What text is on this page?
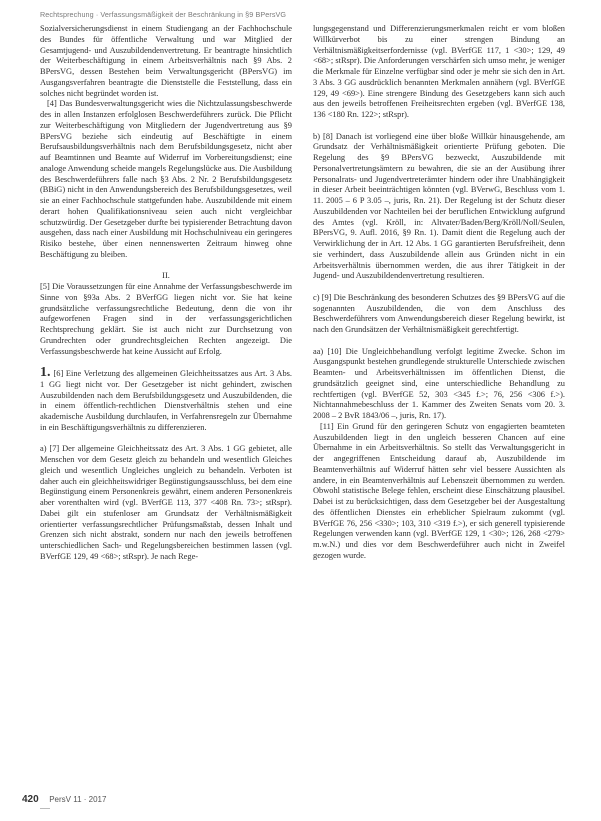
Rechtsprechung · Verfassungsmäßigkeit der Beschränkung in §9 BPersVG

Sozialversicherungsdienst in einem Studiengang an der Fachhochschule des Bundes für öffentliche Verwaltung und war Mitglied der Gesamtjugend- und Auszubildendenvertretung. Er beantragte hinsichtlich der Weiterbeschäftigung in einem Arbeitsverhältnis nach §9 Abs. 2 BPersVG, dessen Bestehen beim Verwaltungsgericht (BPersVG) im Ausgangsverfahren beantragte die Dienststelle die Feststellung, dass ein solches nicht begründet worden ist.

[4] Das Bundesverwaltungsgericht wies die Nichtzulassungsbeschwerde des in allen Instanzen erfolglosen Beschwerdeführers zurück. Die Pflicht zur Weiterbeschäftigung von Mitgliedern der Jugendvertretung aus §9 BPersVG beziehe sich eindeutig auf Beschäftigte in einem Berufsausbildungsverhältnis nach dem Berufsbildungsgesetz, nicht aber auf Beamtinnen und Beamte auf Widerruf im Vorbereitungsdienst; eine analoge Anwendung scheide mangels Regelungslücke aus. Die Ausbildung des Beschwerdeführers falle nach §3 Abs. 2 Nr. 2 Berufsbildungsgesetz (BBiG) nicht in den Anwendungsbereich des Berufsbildungsgesetzes, weil sie an einer Fachhochschule stattgefunden habe. Auszubildende mit einem derart hohen Qualifikationsniveau seien auch nicht vergleichbar schutzwürdig. Der Gesetzgeber durfte bei typisierender Betrachtung davon ausgehen, dass nach einer Ausbildung mit Hochschulniveau ein geringeres Risiko bestehe, über einen nennenswerten Zeitraum hinweg ohne Beschäftigung zu bleiben.

II.

[5] Die Voraussetzungen für eine Annahme der Verfassungsbeschwerde im Sinne von §93a Abs. 2 BVerfGG liegen nicht vor. Sie hat keine grundsätzliche verfassungsrechtliche Bedeutung, denn die von ihr aufgeworfenen Fragen sind in der verfassungsgerichtlichen Rechtsprechung geklärt. Sie ist auch nicht zur Durchsetzung von Grundrechten oder grundrechtsgleichen Rechten angezeigt. Die Verfassungsbeschwerde hat keine Aussicht auf Erfolg.

1. [6] Eine Verletzung des allgemeinen Gleichheitssatzes aus Art. 3 Abs. 1 GG liegt nicht vor. Der Gesetzgeber ist nicht gehindert, zwischen Auszubildenden nach dem Berufsbildungsgesetz und Auszubildenden, die in einem öffentlich-rechtlichen Dienstverhältnis stehen und eine akademische Ausbildung durchlaufen, in Verfahrensregeln zur Übernahme in ein Beschäftigungsverhältnis zu differenzieren.

a) [7] Der allgemeine Gleichheitssatz des Art. 3 Abs. 1 GG gebietet, alle Menschen vor dem Gesetz gleich zu behandeln und wesentlich Gleiches gleich und wesentlich Ungleiches ungleich zu behandeln. Verboten ist daher auch ein gleichheitswidriger Begünstigungsausschluss, bei dem eine Begünstigung einem Personenkreis gewährt, einem anderen Personenkreis aber vorenthalten wird (vgl. BVerfGE 113, 377 <408 Rn. 73>; stRspr). Dabei gilt ein stufenloser am Grundsatz der Verhältnismäßigkeit orientierter verfassungsrechtlicher Prüfungsmaßstab, dessen Inhalt und Grenzen sich nicht abstrakt, sondern nur nach den jeweils betroffenen unterschiedlichen Sach- und Regelungsbereichen bestimmen lassen (vgl. BVerfGE 129, 49 <68>; stRspr). Je nach Rege-

lungsgegenstand und Differenzierungsmerkmalen reicht er vom bloßen Willkürverbot bis zu einer strengen Bindung an Verhältnismäßigkeitserfordernisse (vgl. BVerfGE 117, 1 <30>; 129, 49 <68>; stRspr). Die Anforderungen verschärfen sich umso mehr, je weniger die Merkmale für Einzelne verfügbar sind oder je mehr sie sich den in Art. 3 Abs. 3 GG ausdrücklich benannten Merkmalen annähern (vgl. BVerfGE 129, 49 <69>). Eine strengere Bindung des Gesetzgebers kann sich auch aus den jeweils betroffenen Freiheitsrechten ergeben (vgl. BVerfGE 138, 136 <180 Rn. 122>; stRspr).

b) [8] Danach ist vorliegend eine über bloße Willkür hinausgehende, am Grundsatz der Verhältnismäßigkeit orientierte Prüfung geboten. Die Regelung des §9 BPersVG bezweckt, Auszubildende mit Personalvertretungsämtern zu bewahren, die sie an der Ausübung ihrer Personalrats- und Jugendvertreterämter hindern oder ihre Unabhängigkeit in dieser Arbeit beeinträchtigen könnten (vgl. BVerwG, Beschluss vom 1. 11. 2005 – 6 P 3.05 –, juris, Rn. 21). Der Regelung ist der Schutz dieser Auszubildenden vor Nachteilen bei der beruflichen Entwicklung aufgrund des Amtes (vgl. Kröll, in: Altvater/Baden/Berg/Kröll/Noll/Seulen, BPersVG, 9. Aufl. 2016, §9 Rn. 1). Damit dient die Regelung auch der Verwirklichung der in Art. 12 Abs. 1 GG garantierten Berufsfreiheit, denn sie verhindert, dass Auszubildende allein aus Gründen nicht in ein Arbeitsverhältnis übernommen werden, die aus ihrer Tätigkeit in der Jugend- und Auszubildendenvertretung resultieren.

c) [9] Die Beschränkung des besonderen Schutzes des §9 BPersVG auf die sogenannten Auszubildenden, die von dem Anschluss des Beschwerdeführers vom Anwendungsbereich dieser Regelung bewirkt, ist nach den Grundsätzen der Verhältnismäßigkeit gerechtfertigt.

aa) [10] Die Ungleichbehandlung verfolgt legitime Zwecke. Schon im Ausgangspunkt bestehen grundlegende strukturelle Unterschiede zwischen Beamten- und Arbeitsverhältnissen im öffentlichen Dienst, die grundsätzlich geeignet sind, eine unterschiedliche Behandlung zu rechtfertigen (vgl. BVerfGE 52, 303 <345 f.>; 76, 256 <306 f.>). Nichtannahmebeschluss der 1. Kammer des Zweiten Senats vom 20. 3. 2008 – 2 BvR 1843/06 –, juris, Rn. 17).

[11] Ein Grund für den geringeren Schutz von engagierten beamteten Auszubildenden liegt in den ungleich besseren Chancen auf eine Übernahme in ein Arbeitsverhältnis. So stellt das Verwaltungsgericht in der angegriffenen Entscheidung darauf ab, Auszubildende im Beamtenverhältnis auf Widerruf hätten sehr viel bessere Aussichten als andere, in ein Beamtenverhältnis auf Lebenszeit übernommen zu werden. Obwohl statistische Belege fehlen, erscheint diese Einschätzung plausibel. Dabei ist zu berücksichtigen, dass dem Gesetzgeber bei der Ausgestaltung des öffentlichen Dienstes ein erheblicher Spielraum zukommt (vgl. BVerfGE 76, 256 <330>; 103, 310 <319 f.>), er sich generell typisierende Regelungen verwenden kann (vgl. BVerfGE 129, 1 <30>; 126, 268 <279> m.w.N.) und dies vor dem Beschwerdeführer auch nicht in Zweifel gezogen wurde.

420 PersV 11 · 2017
